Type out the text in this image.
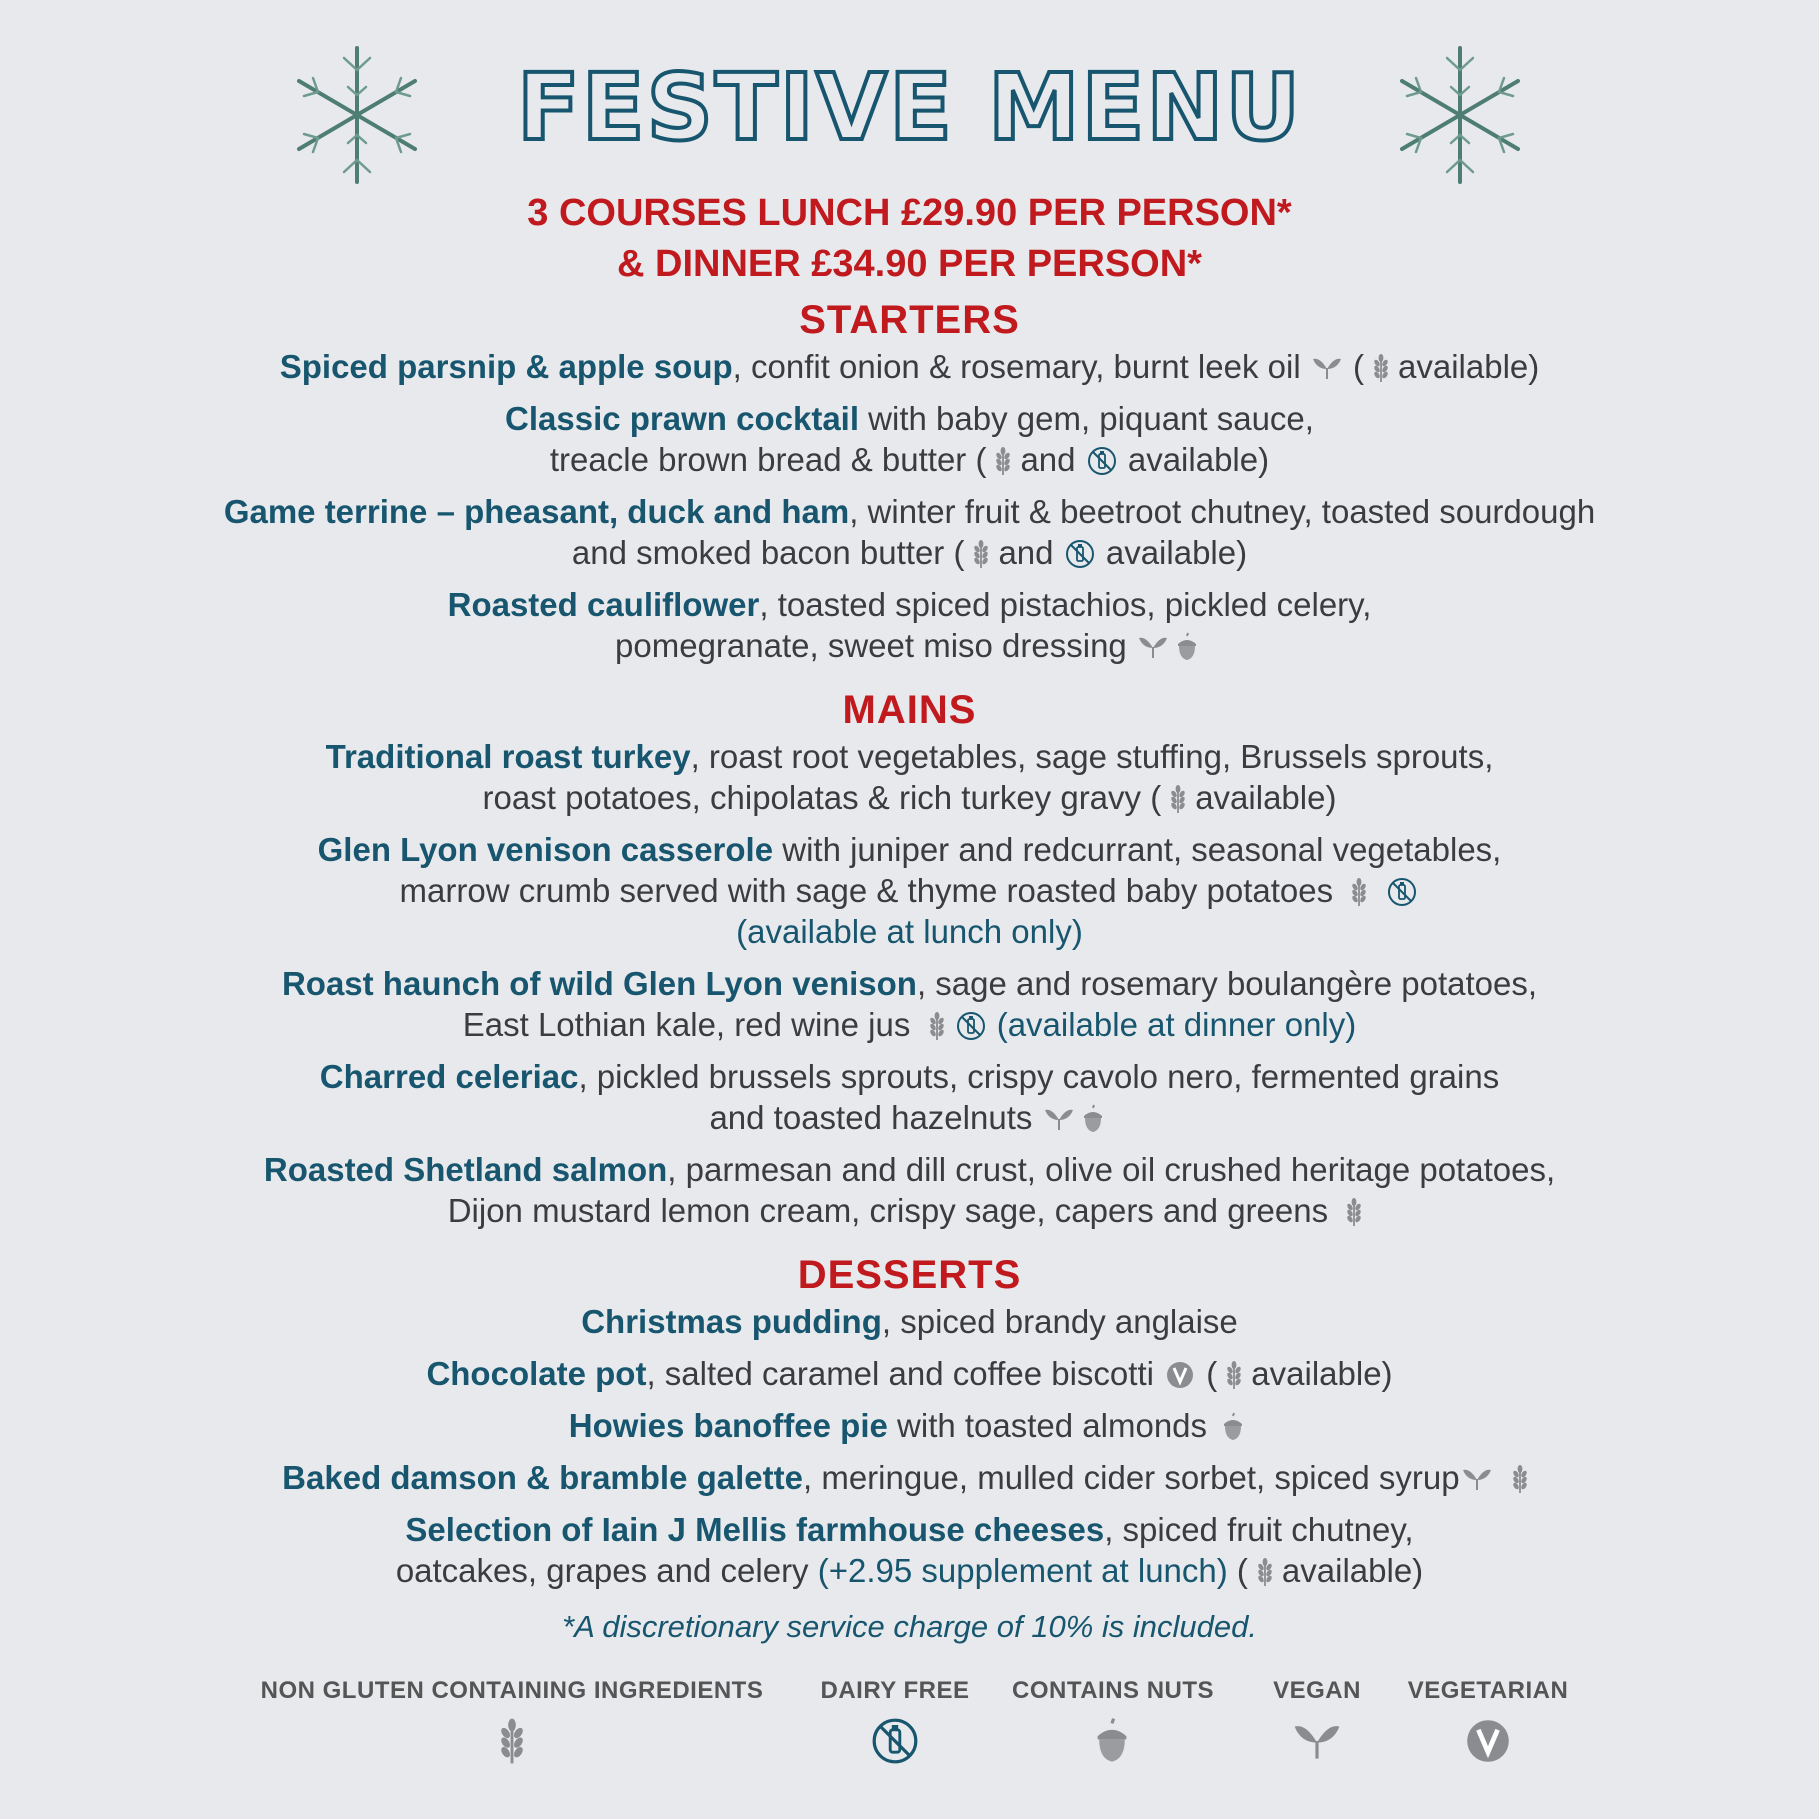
FESTIVE MENU
3 COURSES LUNCH £29.90 PER PERSON*
& DINNER £34.90 PER PERSON*
STARTERS
Spiced parsnip & apple soup, confit onion & rosemary, burnt leek oil
( available)
Classic prawn cocktail with baby gem, piquant sauce,
treacle brown bread & butter ( and
available)
Game terrine – pheasant, duck and ham, winter fruit & beetroot chutney, toasted sourdough
and smoked bacon butter ( and
available)
Roasted cauliflower, toasted spiced pistachios, pickled celery,
pomegranate, sweet miso dressing
MAINS
Traditional roast turkey, roast root vegetables, sage stuffing, Brussels sprouts,
roast potatoes, chipolatas & rich turkey gravy ( available)
Glen Lyon venison casserole with juniper and redcurrant, seasonal vegetables,
marrow crumb served with sage & thyme roasted baby potatoes

(available at lunch only)
Roast haunch of wild Glen Lyon venison, sage and rosemary boulangère potatoes,
East Lothian kale, red wine jus	(available at dinner only)
Charred celeriac, pickled brussels sprouts, crispy cavolo nero, fermented grains
and toasted hazelnuts
Roasted Shetland salmon, parmesan and dill crust, olive oil crushed heritage potatoes,
Dijon mustard lemon cream, crispy sage, capers and greens
DESSERTS
Christmas pudding, spiced brandy anglaise
Chocolate pot, salted caramel and coffee biscotti
( available)
Howies banoffee pie with toasted almonds
Baked damson & bramble galette, meringue, mulled cider sorbet, spiced syrup

Selection of Iain J Mellis farmhouse cheeses, spiced fruit chutney,
oatcakes, grapes and celery (+2.95 supplement at lunch) ( available)
*A discretionary service charge of 10% is included.
NON GLUTEN CONTAINING INGREDIENTS	DAIRY FREE	CONTAINS NUTS	VEGAN	VEGETARIAN
